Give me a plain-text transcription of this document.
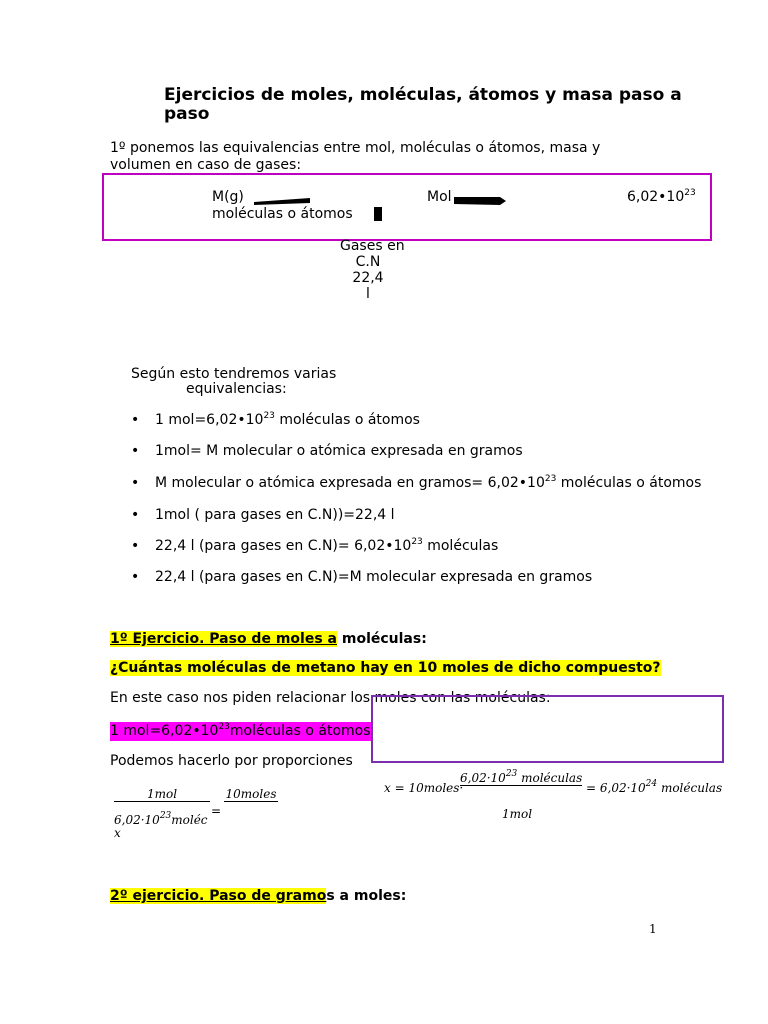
Ejercicios de moles, moléculas, átomos y masa paso a paso
1º ponemos las equivalencias entre mol, moléculas o átomos, masa y volumen en caso de gases:
M(g)	Mol	$6,02•10^{23}$
moléculas o átomos
Gases en
C.N
22,4
l
Según esto tendremos varias
equivalencias:
• 1 $mol=6,02•10^{23}$ moléculas o átomos
• 1mol= M molecular o atómica expresada en gramos
• M molecular o atómica expresada en gramos= $6,02•10^{23}$ moléculas o átomos
• 1mol ( para gases en C.N))=22,4 l
• 22,4 l (para gases en $C.N)= 6,02•10^{23}$ moléculas
• 22,4 l (para gases en C.N)=M molecular expresada en gramos
1º Ejercicio. Paso de moles a moléculas:
¿Cuántas moléculas de metano hay en 10 moles de dicho compuesto?
En este caso nos piden relacionar los moles con las moléculas:
1 $mol=6,02•10^{23}moléculas$ o átomos
Podemos hacerlo por proporciones
1mol
$6,02\cdot 10^{23}moléc$
x
=
10moles	x = 10moles·
$6,02\cdot 10^{23}$ moléculas
1mol
= $6,02\cdot 10^{24}$ moléculas
2º ejercicio. Paso de gramos a moles:
1
